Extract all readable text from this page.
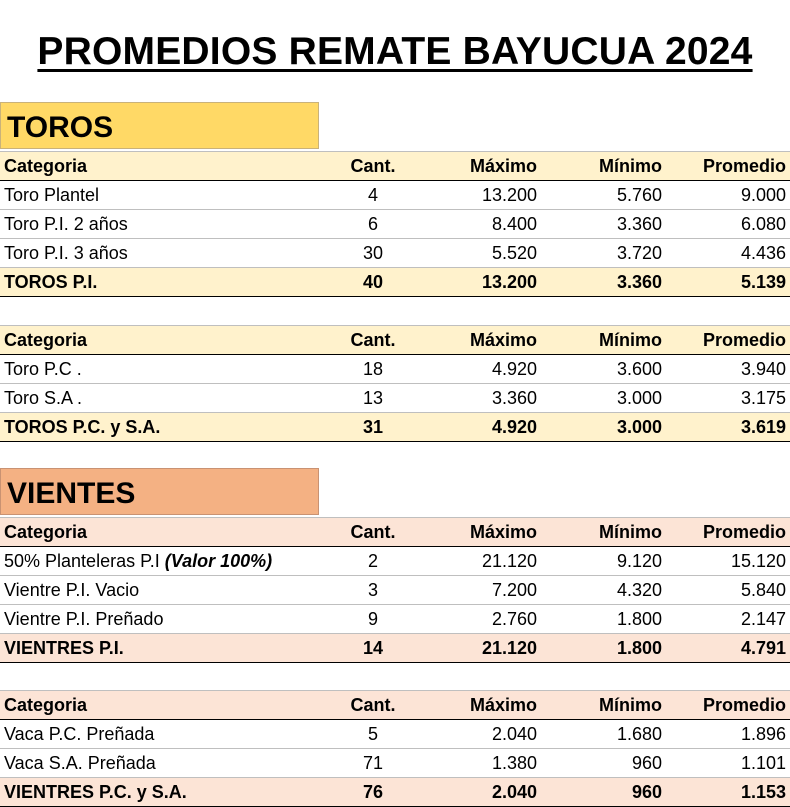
PROMEDIOS REMATE BAYUCUA 2024
TOROS
Categoria	Cant.	Máximo	Mínimo	Promedio
Toro Plantel	4	13.200	5.760	9.000
Toro P.I. 2 años	6	8.400	3.360	6.080
Toro P.I. 3 años	30	5.520	3.720	4.436
TOROS P.I.	40	13.200	3.360	5.139
Categoria	Cant.	Máximo	Mínimo	Promedio
Toro P.C .	18	4.920	3.600	3.940
Toro S.A .	13	3.360	3.000	3.175
TOROS P.C. y S.A.	31	4.920	3.000	3.619
VIENTES
Categoria	Cant.	Máximo	Mínimo	Promedio
50% Planteleras P.I (Valor 100%)	2	21.120	9.120	15.120
Vientre P.I. Vacio	3	7.200	4.320	5.840
Vientre P.I. Preñado	9	2.760	1.800	2.147
VIENTRES P.I.	14	21.120	1.800	4.791
Categoria	Cant.	Máximo	Mínimo	Promedio
Vaca P.C. Preñada	5	2.040	1.680	1.896
Vaca S.A. Preñada	71	1.380	960	1.101
VIENTRES P.C. y S.A.	76	2.040	960	1.153
